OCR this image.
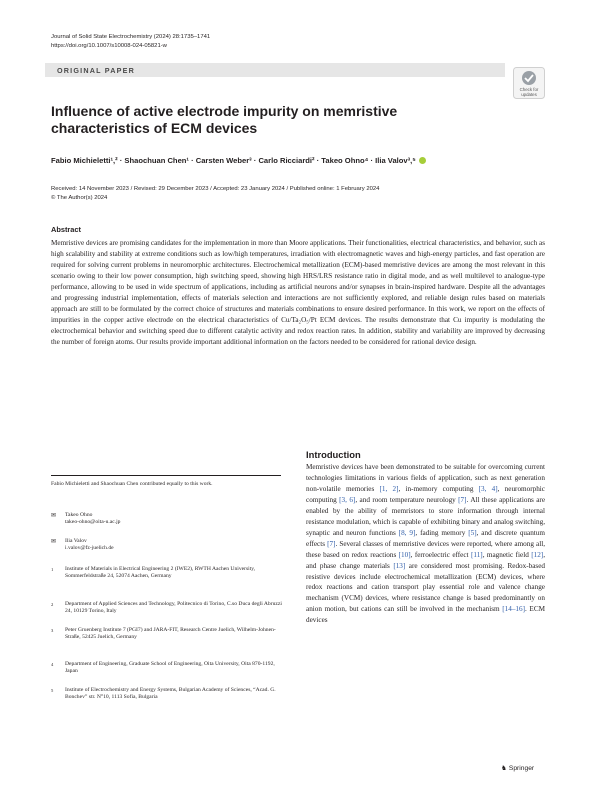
Journal of Solid State Electrochemistry (2024) 28:1735–1741
https://doi.org/10.1007/s10008-024-05821-w
ORIGINAL PAPER
Check for
updates
Influence of active electrode impurity on memristive characteristics of ECM devices
Fabio Michieletti¹,² · Shaochuan Chen¹ · Carsten Weber³ · Carlo Ricciardi² · Takeo Ohno⁴ · Ilia Valov³,⁵
Received: 14 November 2023 / Revised: 29 December 2023 / Accepted: 23 January 2024 / Published online: 1 February 2024
© The Author(s) 2024
Abstract
Memristive devices are promising candidates for the implementation in more than Moore applications. Their functionalities, electrical characteristics, and behavior, such as high scalability and stability at extreme conditions such as low/high temperatures, irradiation with electromagnetic waves and high-energy particles, and fast operation are required for solving current problems in neuromorphic architectures. Electrochemical metallization (ECM)-based memristive devices are among the most relevant in this scenario owing to their low power consumption, high switching speed, showing high HRS/LRS resistance ratio in digital mode, and as well multilevel to analogue-type performance, allowing to be used in wide spectrum of applications, including as artificial neurons and/or synapses in brain-inspired hardware. Despite all the advantages and progressing industrial implementation, effects of materials selection and interactions are not sufficiently explored, and reliable design rules based on materials approach are still to be formulated by the correct choice of structures and materials combinations to ensure desired performance. In this work, we report on the effects of impurities in the copper active electrode on the electrical characteristics of Cu/Ta₂O₅/Pt ECM devices. The results demonstrate that Cu impurity is modulating the electrochemical behavior and switching speed due to different catalytic activity and redox reaction rates. In addition, stability and variability are improved by decreasing the number of foreign atoms. Our results provide important additional information on the factors needed to be considered for rational device design.
Fabio Michieletti and Shaochuan Chen contributed equally to this work.
✉ Takeo Ohno
takeo-ohno@oita-u.ac.jp
✉ Ilia Valov
i.valov@fz-juelich.de
1 Institute of Materials in Electrical Engineering 2 (IWE2), RWTH Aachen University, Sommerfeldstraße 24, 52074 Aachen, Germany
2 Department of Applied Sciences and Technology, Politecnico di Torino, C.so Duca degli Abruzzi 24, 10129 Torino, Italy
3 Peter Gruenberg Institute 7 (PGI7) and JARA-FIT, Research Centre Juelich, Wilhelm-Johnen-Straße, 52425 Juelich, Germany
4 Department of Engineering, Graduate School of Engineering, Oita University, Oita 870-1192, Japan
5 Institute of Electrochemistry and Energy Systems, Bulgarian Academy of Sciences, “Acad. G. Bonchev” str. N°10, 1113 Sofia, Bulgaria
Introduction
Memristive devices have been demonstrated to be suitable for overcoming current technologies limitations in various fields of application, such as next generation non-volatile memories [1, 2], in-memory computing [3, 4], neuromorphic computing [3, 6], and room temperature neurology [7]. All these applications are enabled by the ability of memristors to store information through internal resistance modulation, which is capable of exhibiting binary and analog switching, synaptic and neuron functions [8, 9], fading memory [5], and discrete quantum effects [7]. Several classes of memristive devices were reported, where among all, these based on redox reactions [10], ferroelectric effect [11], magnetic field [12], and phase change materials [13] are considered most promising. Redox-based resistive devices include electrochemical metallization (ECM) devices, where redox reactions and cation transport play essential role and valence change mechanism (VCM) devices, where resistance change is based predominantly on anion motion, but cations can still be involved in the mechanism [14–16]. ECM devices
♞ Springer
